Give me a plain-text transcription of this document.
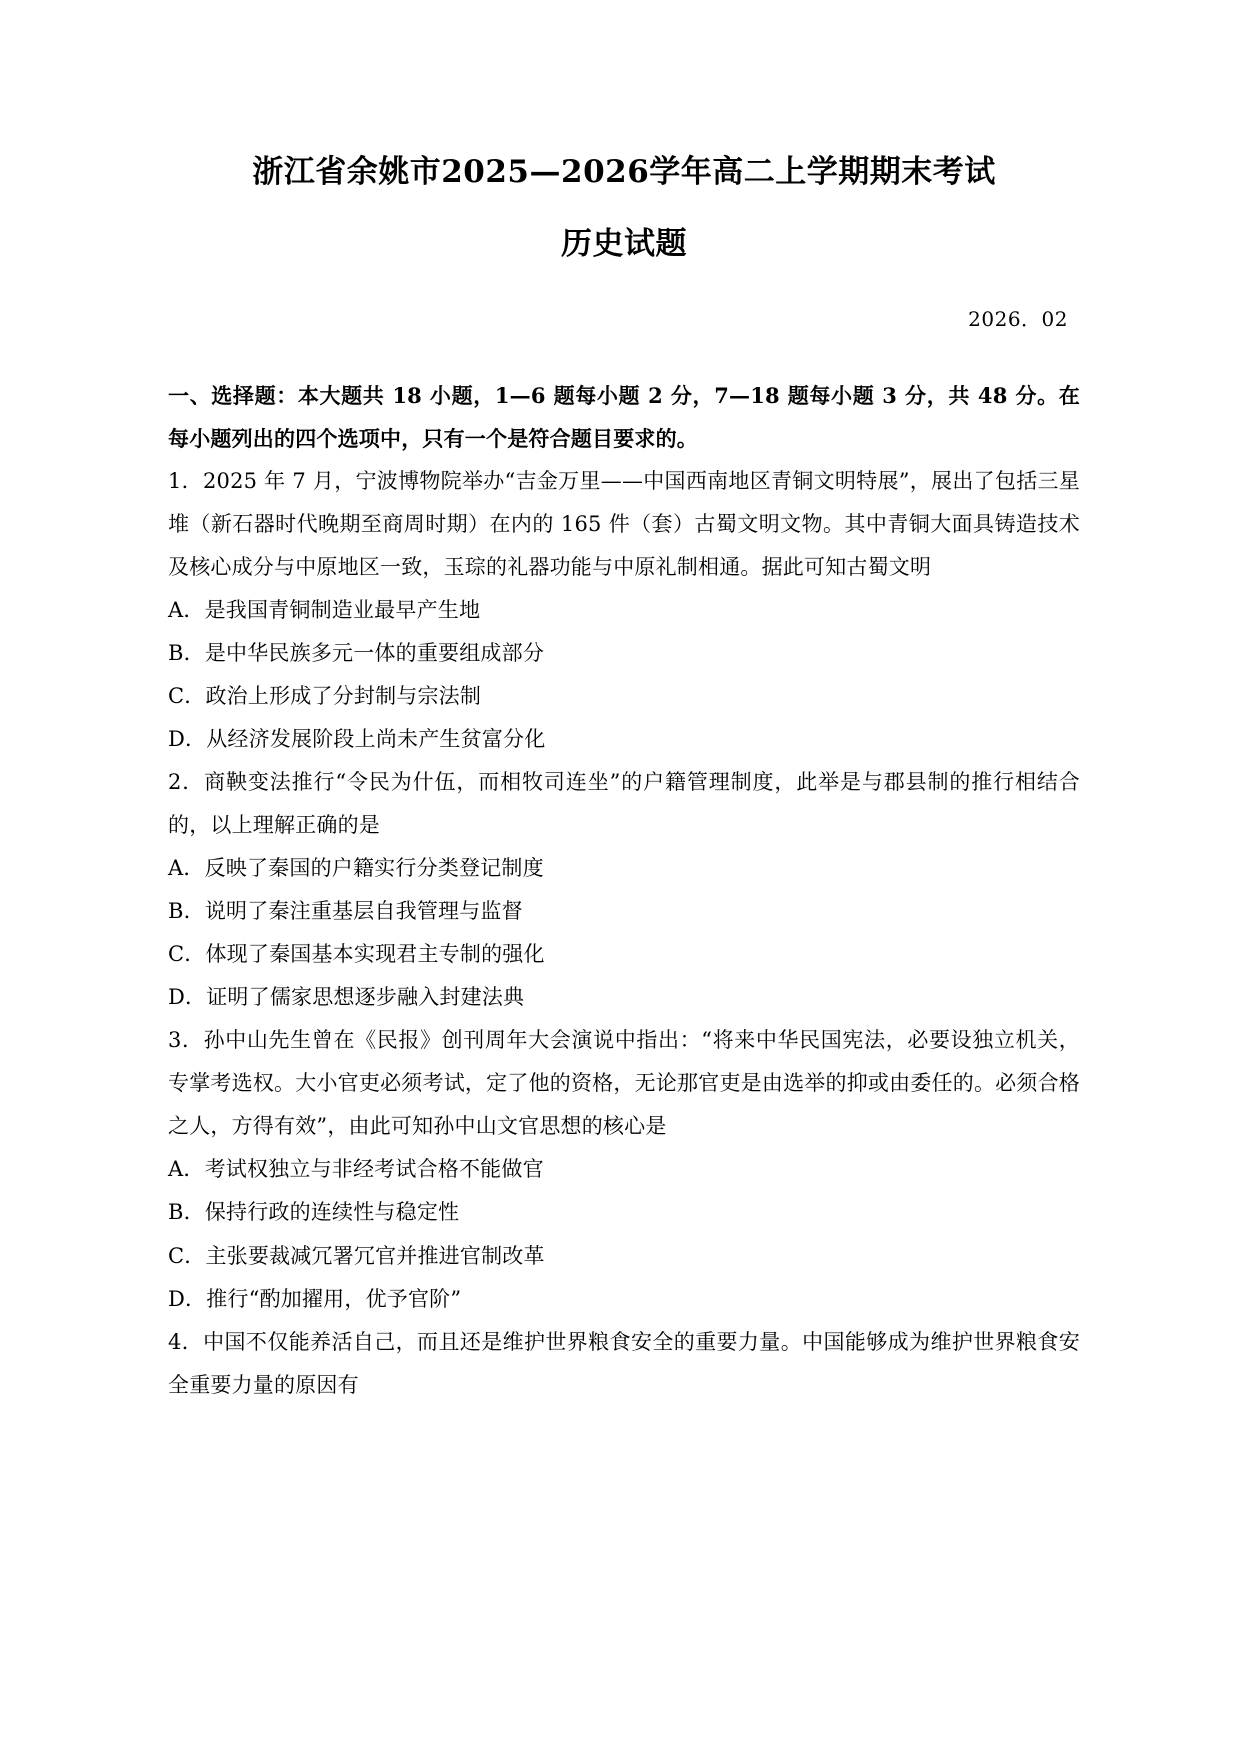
浙江省余姚市2025—2026学年高二上学期期末考试
历史试题

2026．02

一、选择题：本大题共 18 小题，1—6 题每小题 2 分，7—18 题每小题 3 分，共 48 分。在每小题列出的四个选项中，只有一个是符合题目要求的。

1．2025 年 7 月，宁波博物院举办“吉金万里——中国西南地区青铜文明特展”，展出了包括三星堆（新石器时代晚期至商周时期）在内的 165 件（套）古蜀文明文物。其中青铜大面具铸造技术及核心成分与中原地区一致，玉琮的礼器功能与中原礼制相通。据此可知古蜀文明

A．是我国青铜制造业最早产生地
B．是中华民族多元一体的重要组成部分
C．政治上形成了分封制与宗法制
D．从经济发展阶段上尚未产生贫富分化

2．商鞅变法推行“令民为什伍，而相牧司连坐”的户籍管理制度，此举是与郡县制的推行相结合的，以上理解正确的是

A．反映了秦国的户籍实行分类登记制度
B．说明了秦注重基层自我管理与监督
C．体现了秦国基本实现君主专制的强化
D．证明了儒家思想逐步融入封建法典

3．孙中山先生曾在《民报》创刊周年大会演说中指出：“将来中华民国宪法，必要设独立机关，专掌考选权。大小官吏必须考试，定了他的资格，无论那官吏是由选举的抑或由委任的。必须合格之人，方得有效”，由此可知孙中山文官思想的核心是

A．考试权独立与非经考试合格不能做官
B．保持行政的连续性与稳定性
C．主张要裁减冗署冗官并推进官制改革
D．推行“酌加擢用，优予官阶”

4．中国不仅能养活自己，而且还是维护世界粮食安全的重要力量。中国能够成为维护世界粮食安全重要力量的原因有
